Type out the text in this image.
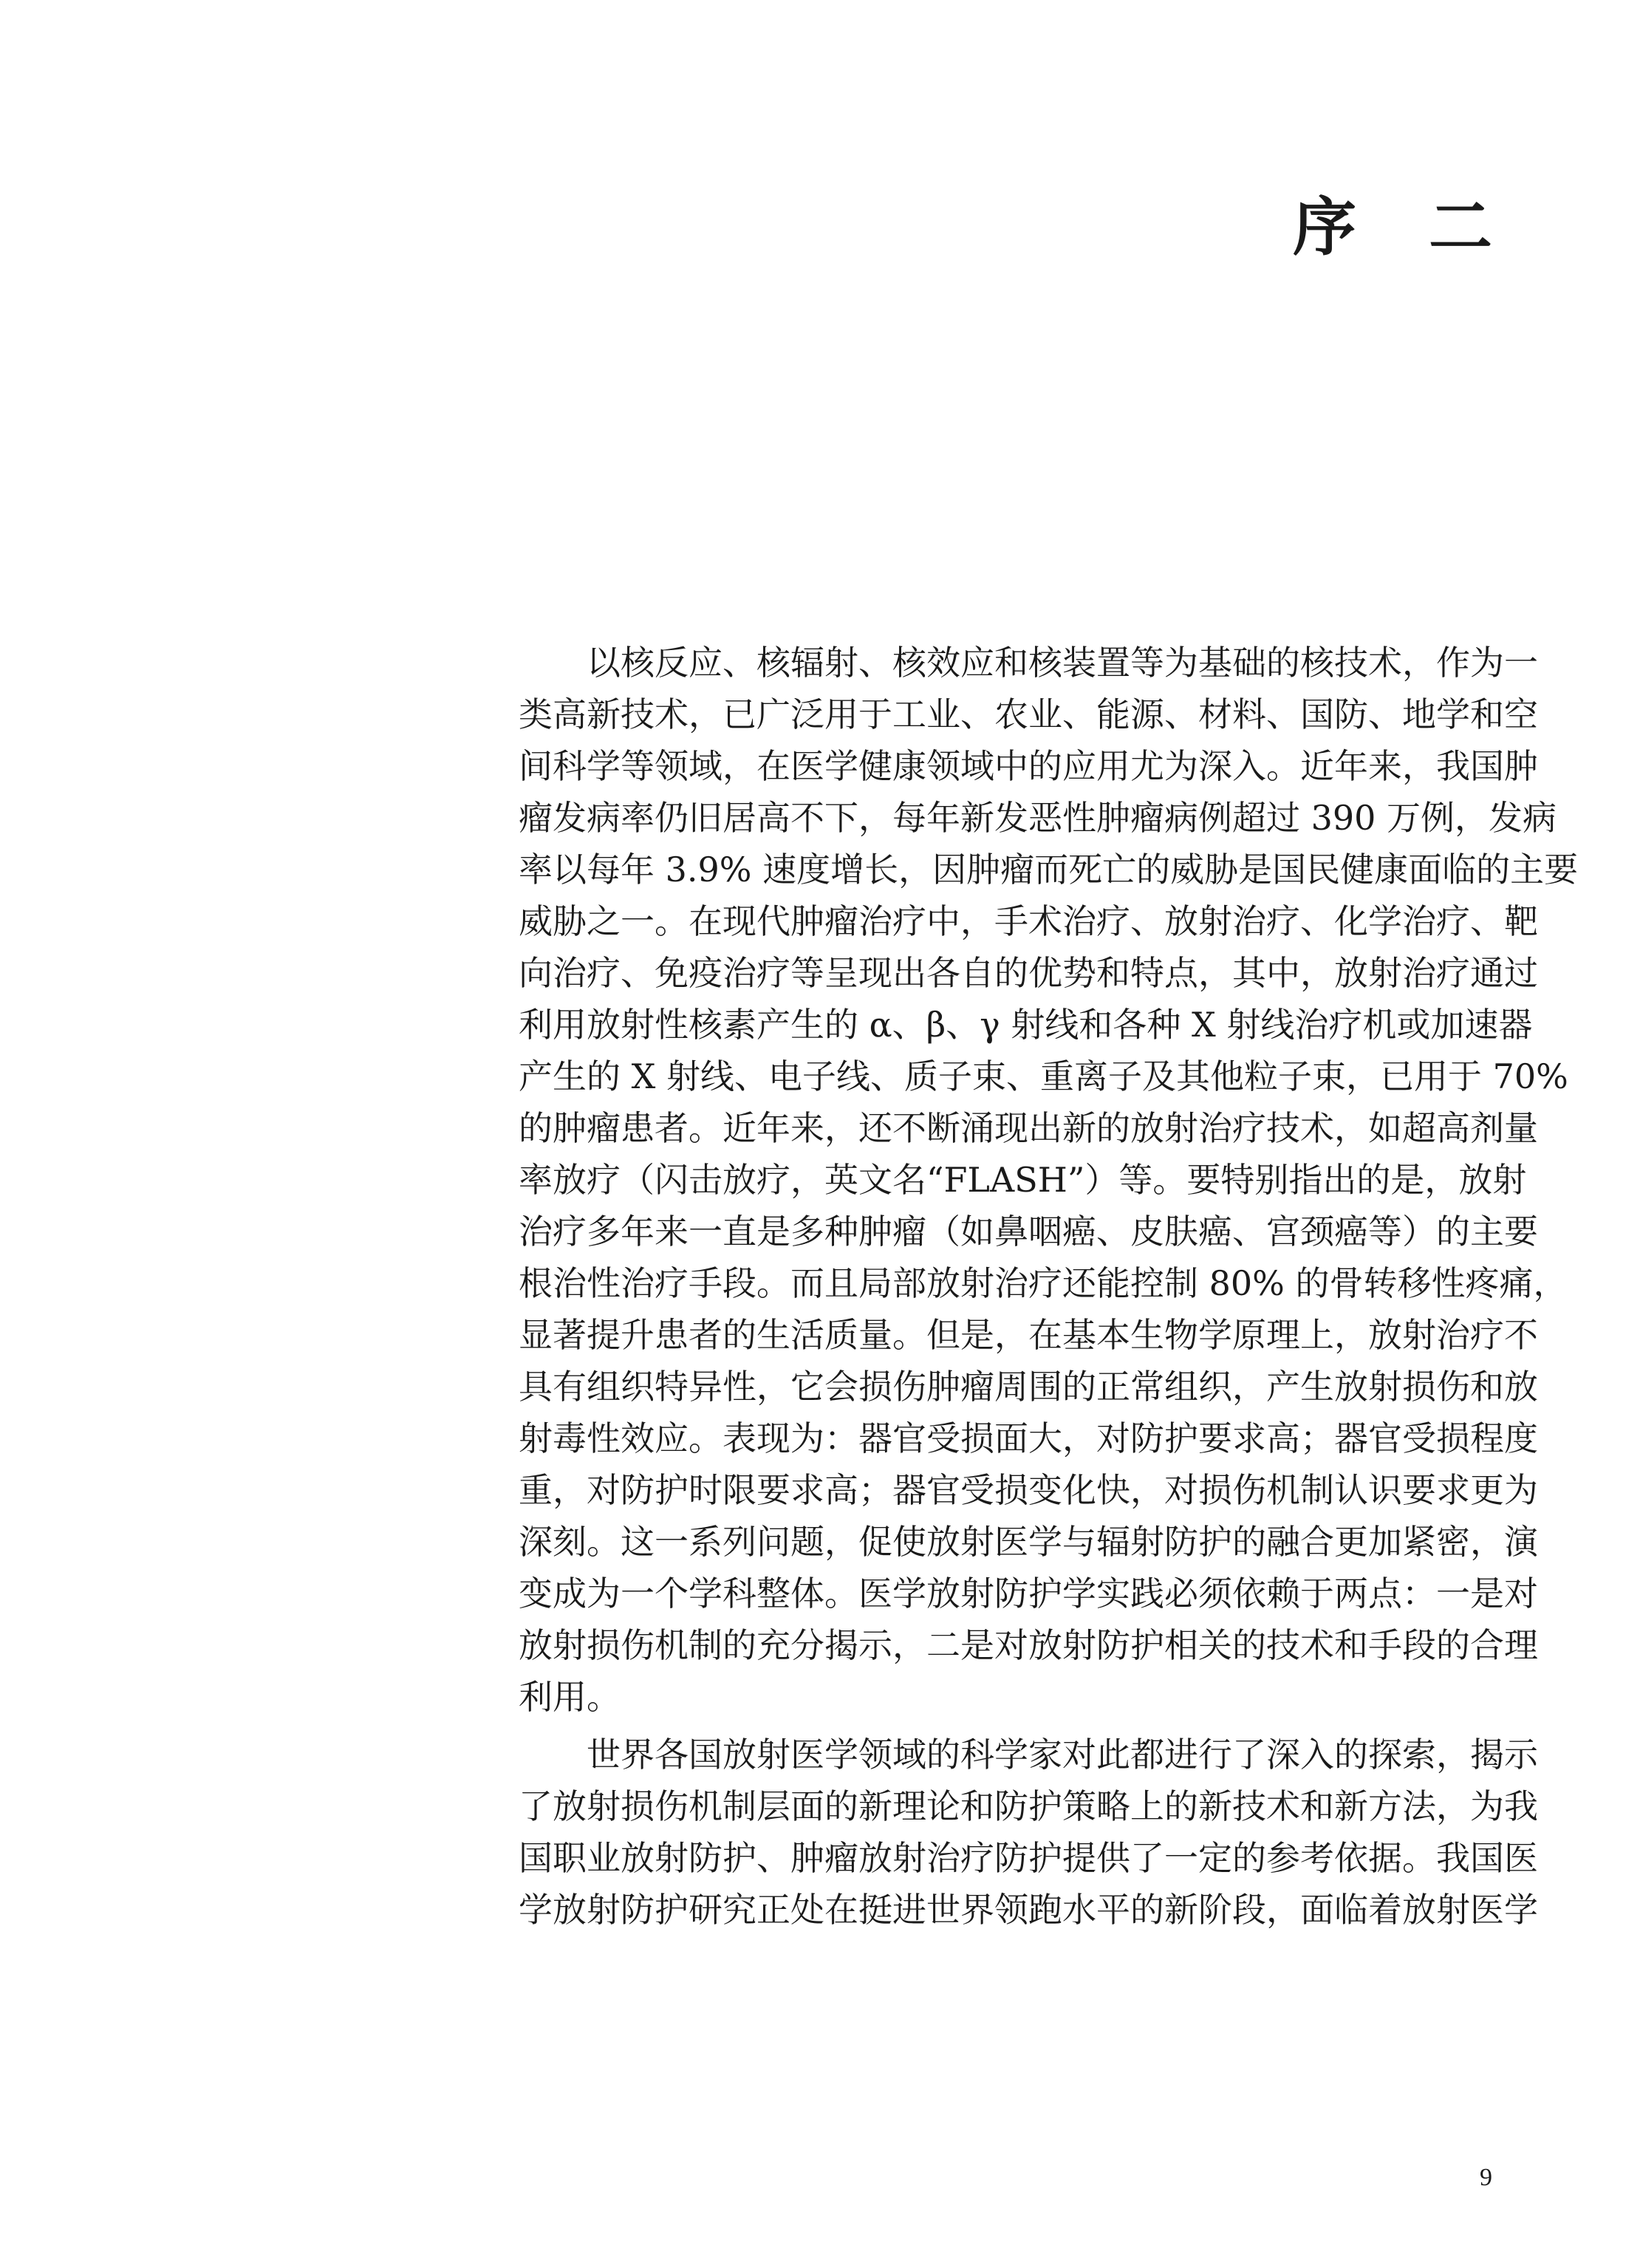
序 二
以核反应、核辐射、核效应和核装置等为基础的核技术，作为一
类高新技术，已广泛用于工业、农业、能源、材料、国防、地学和空
间科学等领域，在医学健康领域中的应用尤为深入。近年来，我国肿
瘤发病率仍旧居高不下，每年新发恶性肿瘤病例超过 390 万例，发病
率以每年 3.9% 速度增长，因肿瘤而死亡的威胁是国民健康面临的主要
威胁之一。在现代肿瘤治疗中，手术治疗、放射治疗、化学治疗、靶
向治疗、免疫治疗等呈现出各自的优势和特点，其中，放射治疗通过
利用放射性核素产生的 α、β、γ 射线和各种 X 射线治疗机或加速器
产生的 X 射线、电子线、质子束、重离子及其他粒子束，已用于 70%
的肿瘤患者。近年来，还不断涌现出新的放射治疗技术，如超高剂量
率放疗（闪击放疗，英文名“FLASH”）等。要特别指出的是，放射
治疗多年来一直是多种肿瘤（如鼻咽癌、皮肤癌、宫颈癌等）的主要
根治性治疗手段。而且局部放射治疗还能控制 80% 的骨转移性疼痛，
显著提升患者的生活质量。但是，在基本生物学原理上，放射治疗不
具有组织特异性，它会损伤肿瘤周围的正常组织，产生放射损伤和放
射毒性效应。表现为：器官受损面大，对防护要求高；器官受损程度
重，对防护时限要求高；器官受损变化快，对损伤机制认识要求更为
深刻。这一系列问题，促使放射医学与辐射防护的融合更加紧密，演
变成为一个学科整体。医学放射防护学实践必须依赖于两点：一是对
放射损伤机制的充分揭示，二是对放射防护相关的技术和手段的合理
利用。
世界各国放射医学领域的科学家对此都进行了深入的探索，揭示
了放射损伤机制层面的新理论和防护策略上的新技术和新方法，为我
国职业放射防护、肿瘤放射治疗防护提供了一定的参考依据。我国医
学放射防护研究正处在挺进世界领跑水平的新阶段，面临着放射医学
9
